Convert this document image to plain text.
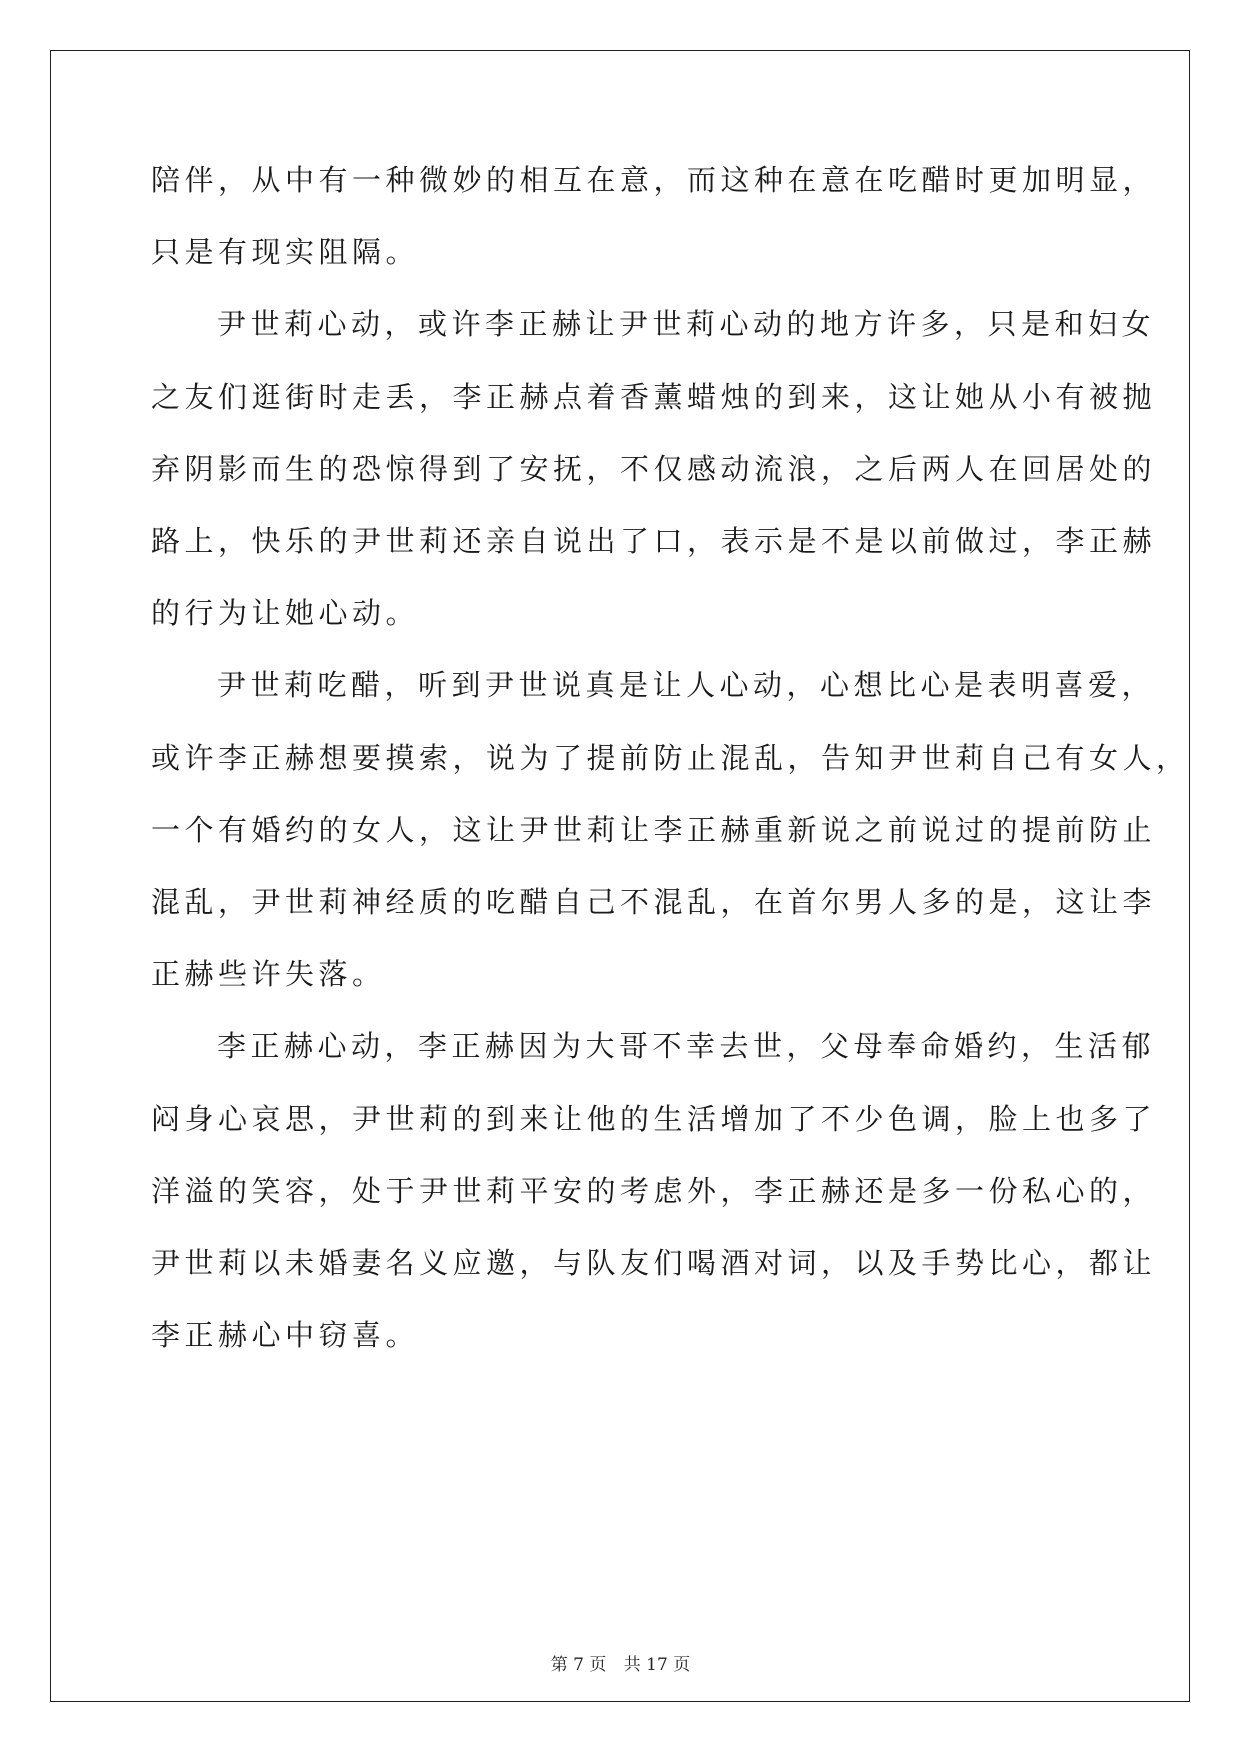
陪伴，从中有一种微妙的相互在意，而这种在意在吃醋时更加明显，
只是有现实阻隔。
尹世莉心动，或许李正赫让尹世莉心动的地方许多，只是和妇女
之友们逛街时走丢，李正赫点着香薰蜡烛的到来，这让她从小有被抛
弃阴影而生的恐惊得到了安抚，不仅感动流浪，之后两人在回居处的
路上，快乐的尹世莉还亲自说出了口，表示是不是以前做过，李正赫
的行为让她心动。
尹世莉吃醋，听到尹世说真是让人心动，心想比心是表明喜爱，
或许李正赫想要摸索，说为了提前防止混乱，告知尹世莉自己有女人，
一个有婚约的女人，这让尹世莉让李正赫重新说之前说过的提前防止
混乱，尹世莉神经质的吃醋自己不混乱，在首尔男人多的是，这让李
正赫些许失落。
李正赫心动，李正赫因为大哥不幸去世，父母奉命婚约，生活郁
闷身心哀思，尹世莉的到来让他的生活增加了不少色调，脸上也多了
洋溢的笑容，处于尹世莉平安的考虑外，李正赫还是多一份私心的，
尹世莉以未婚妻名义应邀，与队友们喝酒对词，以及手势比心，都让
李正赫心中窃喜。
第 7 页 共 17 页
